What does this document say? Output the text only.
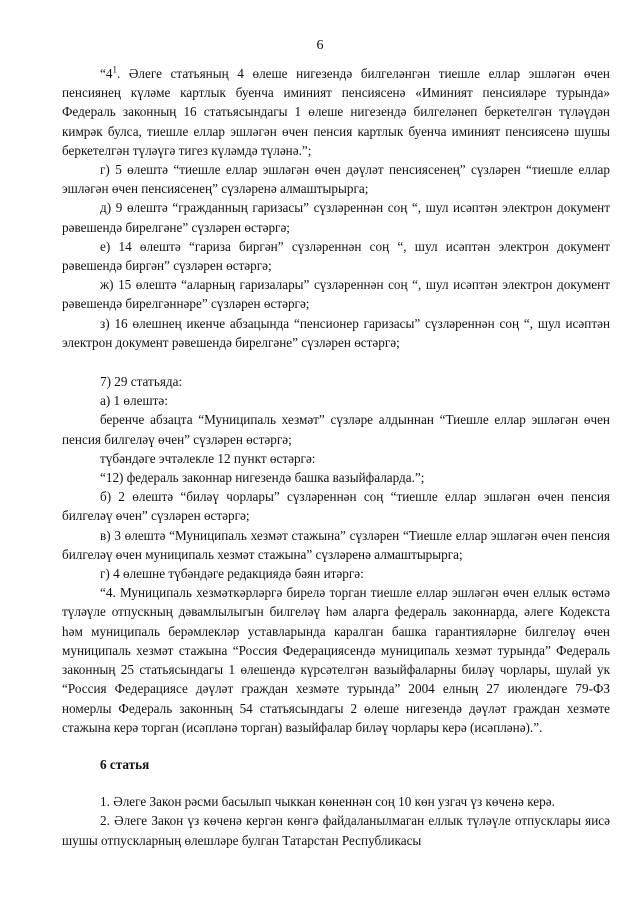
6

“$4^1$. Әлеге статьяның 4 өлеше нигезендә билгеләнгән тиешле еллар эшләгән өчен пенсиянең күләме картлык буенча иминият пенсиясенә «Иминият пенсияләре турында» Федераль законның 16 статьясындагы 1 өлеше нигезендә билгеләнеп беркетелгән түләүдән кимрәк булса, тиешле еллар эшләгән өчен пенсия картлык буенча иминият пенсиясенә шушы беркетелгән түләүгә тигез күләмдә түләнә.”;

г) 5 өлештә “тиешле еллар эшләгән өчен дәүләт пенсиясенең” сүзләрен “тиешле еллар эшләгән өчен пенсиясенең” сүзләренә алмаштырырга;

д) 9 өлештә “гражданның гаризасы” сүзләреннән соң “, шул исәптән электрон документ рәвешендә бирелгәне” сүзләрен өстәргә;

е) 14 өлештә “гариза биргән” сүзләреннән соң “, шул исәптән электрон документ рәвешендә биргән” сүзләрен өстәргә;

ж) 15 өлештә “аларның гаризалары” сүзләреннән соң “, шул исәптән электрон документ рәвешендә бирелгәннәре” сүзләрен өстәргә;

з) 16 өлешнең икенче абзацында “пенсионер гаризасы” сүзләреннән соң “, шул исәптән электрон документ рәвешендә бирелгәне” сүзләрен өстәргә;

7) 29 статьяда:

а) 1 өлештә:

беренче абзацта “Муниципаль хезмәт” сүзләре алдыннан “Тиешле еллар эшләгән өчен пенсия билгеләү өчен” сүзләрен өстәргә;

түбәндәге эчтәлекле 12 пункт өстәргә:

“12) федераль законнар нигезендә башка вазыйфаларда.”;

б) 2 өлештә “биләү чорлары” сүзләреннән соң “тиешле еллар эшләгән өчен пенсия билгеләү өчен” сүзләрен өстәргә;

в) 3 өлештә “Муниципаль хезмәт стажына” сүзләрен “Тиешле еллар эшләгән өчен пенсия билгеләү өчен муниципаль хезмәт стажына” сүзләренә алмаштырырга;

г) 4 өлешне түбәндәге редакциядә бәян итәргә:

“4. Муниципаль хезмәткәрләргә бирелә торган тиешле еллар эшләгән өчен еллык өстәмә түләүле отпускның дәвамлылыгын билгеләү һәм аларга федераль законнарда, әлеге Кодекста һәм муниципаль берәмлекләр уставларында каралган башка гарантияләрне билгеләү өчен муниципаль хезмәт стажына “Россия Федерациясендә муниципаль хезмәт турында” Федераль законның 25 статьясындагы 1 өлешендә күрсәтелгән вазыйфаларны биләү чорлары, шулай ук “Россия Федерациясе дәүләт граждан хезмәте турында” 2004 елның 27 июлендәге 79-ФЗ номерлы Федераль законның 54 статьясындагы 2 өлеше нигезендә дәүләт граждан хезмәте стажына керә торган (исәпләнә торган) вазыйфалар биләү чорлары керә (исәпләнә).”.

6 статья

1. Әлеге Закон рәсми басылып чыккан көненнән соң 10 көн узгач үз көченә керә.

2. Әлеге Закон үз көченә кергән көнгә файдаланылмаган еллык түләүле отпусклары яисә шушы отпускларның өлешләре булган Татарстан Республикасы
